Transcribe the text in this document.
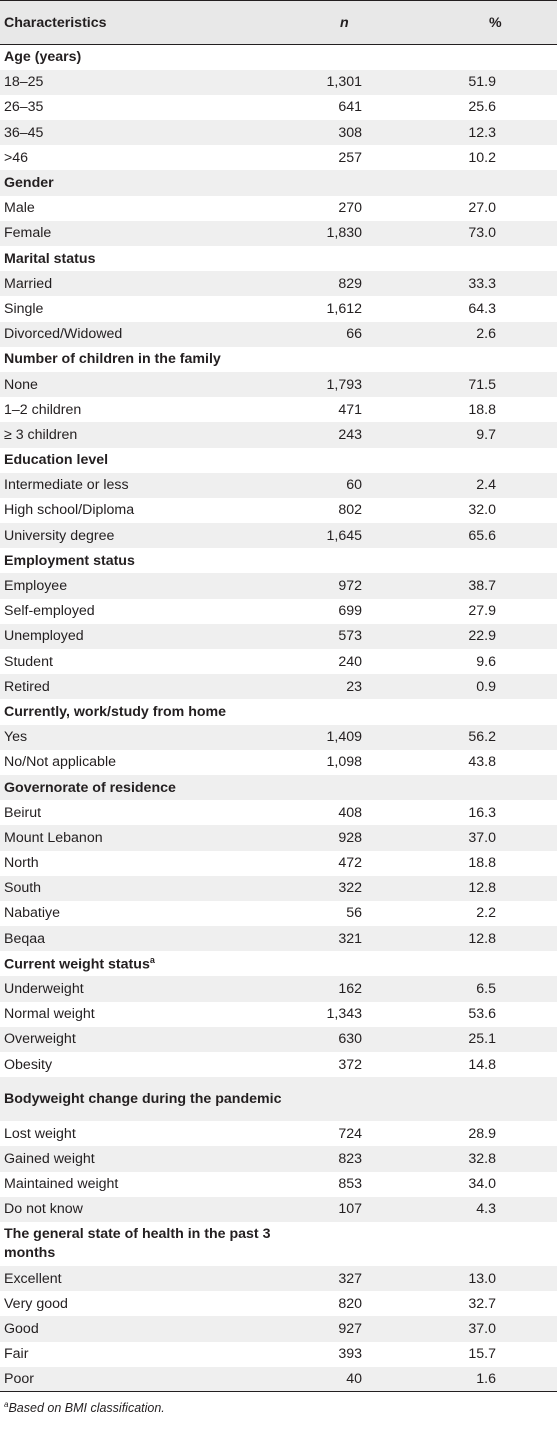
Characteristics	n	%
Age (years)		
18–25	1,301	51.9
26–35	641	25.6
36–45	308	12.3
>46	257	10.2
Gender		
Male	270	27.0
Female	1,830	73.0
Marital status		
Married	829	33.3
Single	1,612	64.3
Divorced/Widowed	66	2.6
Number of children in the family		
None	1,793	71.5
1–2 children	471	18.8
≥ 3 children	243	9.7
Education level		
Intermediate or less	60	2.4
High school/Diploma	802	32.0
University degree	1,645	65.6
Employment status		
Employee	972	38.7
Self-employed	699	27.9
Unemployed	573	22.9
Student	240	9.6
Retired	23	0.9
Currently, work/study from home		
Yes	1,409	56.2
No/Not applicable	1,098	43.8
Governorate of residence		
Beirut	408	16.3
Mount Lebanon	928	37.0
North	472	18.8
South	322	12.8
Nabatiye	56	2.2
Beqaa	321	12.8
Current weight status$^a$
Underweight	162	6.5
Normal weight	1,343	53.6
Overweight	630	25.1
Obesity	372	14.8
Bodyweight change during the pandemic		
Lost weight	724	28.9
Gained weight	823	32.8
Maintained weight	853	34.0
Do not know	107	4.3
The general state of health in the past 3 months		
Excellent	327	13.0
Very good	820	32.7
Good	927	37.0
Fair	393	15.7
Poor	40	1.6
$^a$Based on BMI classification.
